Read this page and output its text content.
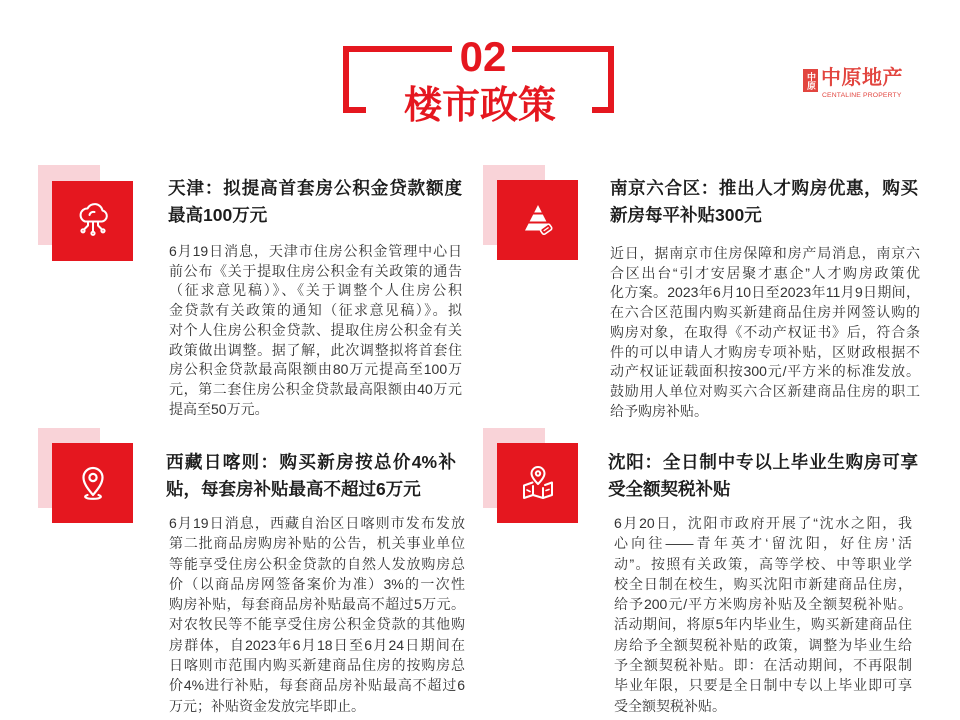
02
楼市政策
中原 中原地产
CENTALINE PROPERTY
天津：拟提高首套房公积金贷款额度
最高100万元
6月19日消息，天津市住房公积金管理中心日
前公布《关于提取住房公积金有关政策的通告
（征求意见稿）》、《关于调整个人住房公积
金贷款有关政策的通知（征求意见稿）》。拟
对个人住房公积金贷款、提取住房公积金有关
政策做出调整。据了解，此次调整拟将首套住
房公积金贷款最高限额由80万元提高至100万
元，第二套住房公积金贷款最高限额由40万元
提高至50万元。
南京六合区：推出人才购房优惠，购买
新房每平补贴300元
近日，据南京市住房保障和房产局消息，南京六
合区出台“引才安居聚才惠企”人才购房政策优
化方案。2023年6月10日至2023年11月9日期间，
在六合区范围内购买新建商品住房并网签认购的
购房对象，在取得《不动产权证书》后，符合条
件的可以申请人才购房专项补贴，区财政根据不
动产权证证载面积按300元/平方米的标准发放。
鼓励用人单位对购买六合区新建商品住房的职工
给予购房补贴。
西藏日喀则：购买新房按总价4%补
贴，每套房补贴最高不超过6万元
6月19日消息，西藏自治区日喀则市发布发放
第二批商品房购房补贴的公告，机关事业单位
等能享受住房公积金贷款的自然人发放购房总
价（以商品房网签备案价为准）3%的一次性
购房补贴，每套商品房补贴最高不超过5万元。
对农牧民等不能享受住房公积金贷款的其他购
房群体，自2023年6月18日至6月24日期间在
日喀则市范围内购买新建商品住房的按购房总
价4%进行补贴，每套商品房补贴最高不超过6
万元；补贴资金发放完毕即止。
沈阳：全日制中专以上毕业生购房可享
受全额契税补贴
6月20日，沈阳市政府开展了“沈水之阳，我
心向往——青年英才‘留沈阳，好住房’活
动”。按照有关政策，高等学校、中等职业学
校全日制在校生，购买沈阳市新建商品住房，
给予200元/平方米购房补贴及全额契税补贴。
活动期间，将原5年内毕业生，购买新建商品住
房给予全额契税补贴的政策，调整为毕业生给
予全额契税补贴。即：在活动期间，不再限制
毕业年限，只要是全日制中专以上毕业即可享
受全额契税补贴。
